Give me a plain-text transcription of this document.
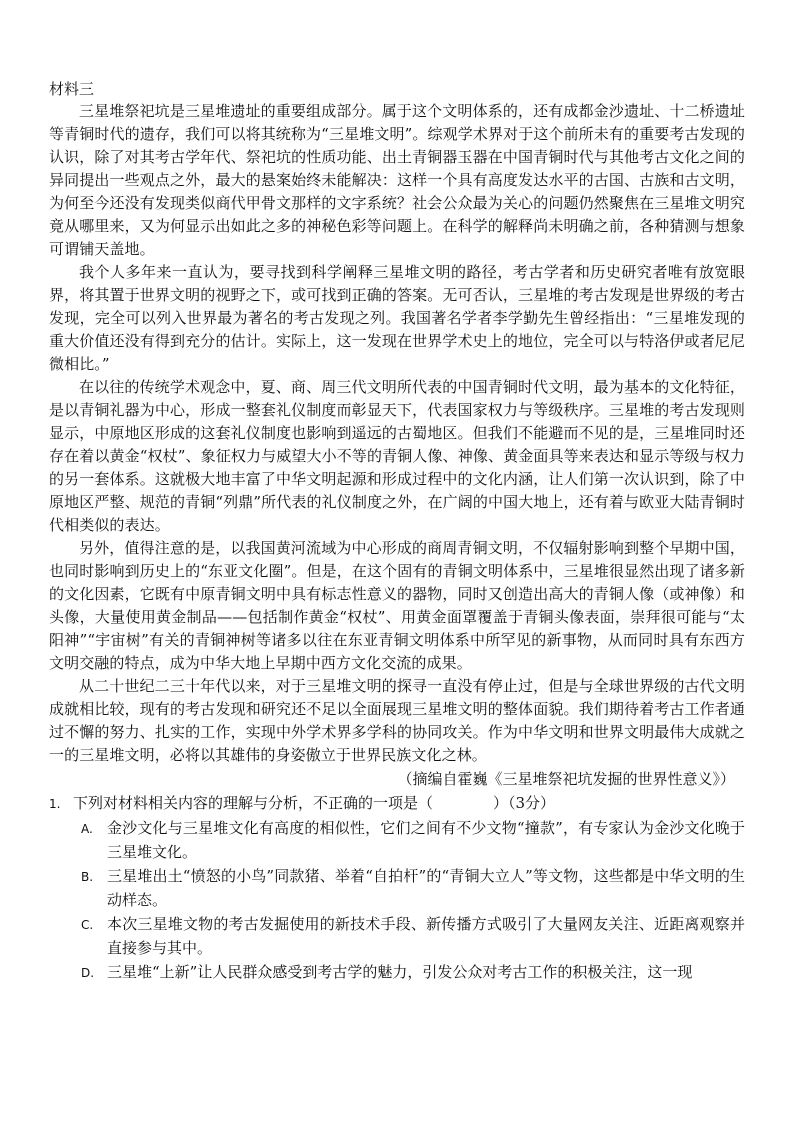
材料三

三星堆祭祀坑是三星堆遗址的重要组成部分。属于这个文明体系的，还有成都金沙遗址、十二桥遗址等青铜时代的遗存，我们可以将其统称为“三星堆文明”。综观学术界对于这个前所未有的重要考古发现的认识，除了对其考古学年代、祭祀坑的性质功能、出土青铜器玉器在中国青铜时代与其他考古文化之间的异同提出一些观点之外，最大的悬案始终未能解决：这样一个具有高度发达水平的古国、古族和古文明，为何至今还没有发现类似商代甲骨文那样的文字系统？社会公众最为关心的问题仍然聚焦在三星堆文明究竟从哪里来，又为何显示出如此之多的神秘色彩等问题上。在科学的解释尚未明确之前，各种猜测与想象可谓铺天盖地。

我个人多年来一直认为，要寻找到科学阐释三星堆文明的路径，考古学者和历史研究者唯有放宽眼界，将其置于世界文明的视野之下，或可找到正确的答案。无可否认，三星堆的考古发现是世界级的考古发现，完全可以列入世界最为著名的考古发现之列。我国著名学者李学勤先生曾经指出：“三星堆发现的重大价值还没有得到充分的估计。实际上，这一发现在世界学术史上的地位，完全可以与特洛伊或者尼尼微相比。”

在以往的传统学术观念中，夏、商、周三代文明所代表的中国青铜时代文明，最为基本的文化特征，是以青铜礼器为中心，形成一整套礼仪制度而彰显天下，代表国家权力与等级秩序。三星堆的考古发现则显示，中原地区形成的这套礼仪制度也影响到遥远的古蜀地区。但我们不能避而不见的是，三星堆同时还存在着以黄金“权杖”、象征权力与威望大小不等的青铜人像、神像、黄金面具等来表达和显示等级与权力的另一套体系。这就极大地丰富了中华文明起源和形成过程中的文化内涵，让人们第一次认识到，除了中原地区严整、规范的青铜“列鼎”所代表的礼仪制度之外，在广阔的中国大地上，还有着与欧亚大陆青铜时代相类似的表达。

另外，值得注意的是，以我国黄河流域为中心形成的商周青铜文明，不仅辐射影响到整个早期中国，也同时影响到历史上的“东亚文化圈”。但是，在这个固有的青铜文明体系中，三星堆很显然出现了诸多新的文化因素，它既有中原青铜文明中具有标志性意义的器物，同时又创造出高大的青铜人像（或神像）和头像，大量使用黄金制品——包括制作黄金“权杖”、用黄金面罩覆盖于青铜头像表面，崇拜很可能与“太阳神”“宇宙树”有关的青铜神树等诸多以往在东亚青铜文明体系中所罕见的新事物，从而同时具有东西方文明交融的特点，成为中华大地上早期中西方文化交流的成果。

从二十世纪二三十年代以来，对于三星堆文明的探寻一直没有停止过，但是与全球世界级的古代文明成就相比较，现有的考古发现和研究还不足以全面展现三星堆文明的整体面貌。我们期待着考古工作者通过不懈的努力、扎实的工作，实现中外学术界多学科的协同攻关。作为中华文明和世界文明最伟大成就之一的三星堆文明，必将以其雄伟的身姿傲立于世界民族文化之林。

（摘编自霍巍《三星堆祭祀坑发掘的世界性意义》）

1. 下列对材料相关内容的理解与分析，不正确的一项是（　　　　）（3分）
A. 金沙文化与三星堆文化有高度的相似性，它们之间有不少文物“撞款”，有专家认为金沙文化晚于三星堆文化。
B. 三星堆出土“愤怒的小鸟”同款猪、举着“自拍杆”的“青铜大立人”等文物，这些都是中华文明的生动样态。
C. 本次三星堆文物的考古发掘使用的新技术手段、新传播方式吸引了大量网友关注、近距离观察并直接参与其中。
D. 三星堆“上新”让人民群众感受到考古学的魅力，引发公众对考古工作的积极关注，这一现
